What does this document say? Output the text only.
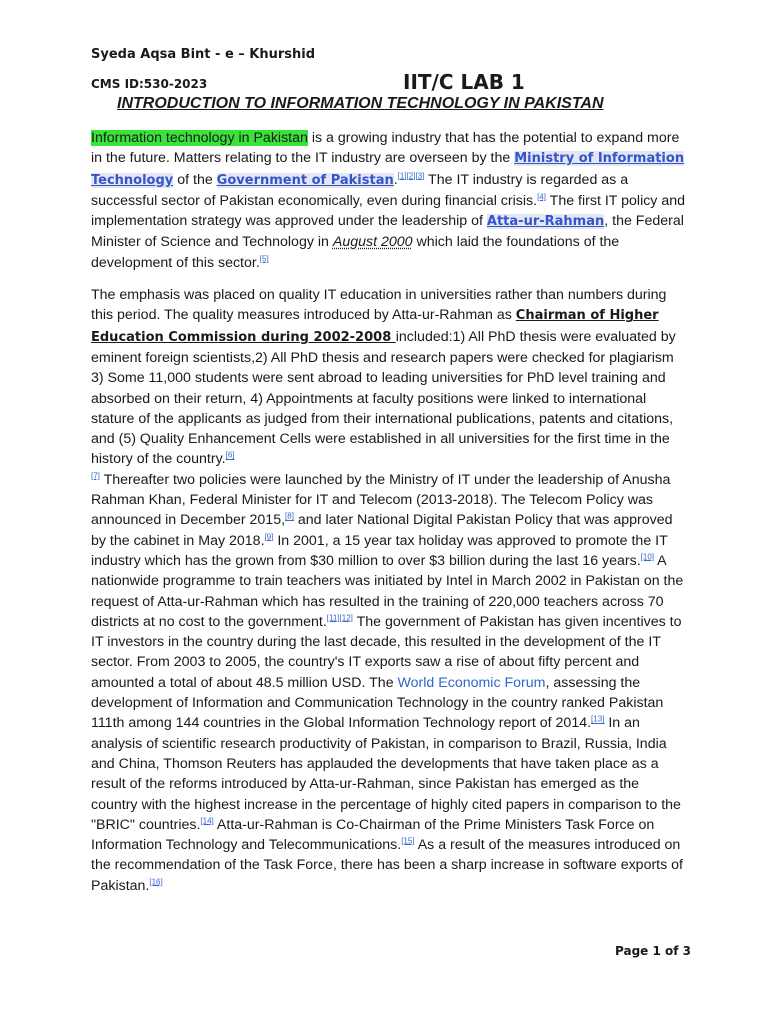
Syeda Aqsa Bint - e – Khurshid
CMS ID:530-2023	IIT/C LAB 1
INTRODUCTION TO INFORMATION TECHNOLOGY IN PAKISTAN

Information technology in Pakistan is a growing industry that has the potential to expand more in the future. Matters relating to the IT industry are overseen by the Ministry of Information Technology of the Government of Pakistan.[1][2][3] The IT industry is regarded as a successful sector of Pakistan economically, even during financial crisis.[4] The first IT policy and implementation strategy was approved under the leadership of Atta-ur-Rahman, the Federal Minister of Science and Technology in August 2000 which laid the foundations of the development of this sector.[5]

The emphasis was placed on quality IT education in universities rather than numbers during this period. The quality measures introduced by Atta-ur-Rahman as Chairman of Higher Education Commission during 2002-2008 included:1) All PhD thesis were evaluated by eminent foreign scientists,2) All PhD thesis and research papers were checked for plagiarism 3) Some 11,000 students were sent abroad to leading universities for PhD level training and absorbed on their return, 4) Appointments at faculty positions were linked to international stature of the applicants as judged from their international publications, patents and citations, and (5) Quality Enhancement Cells were established in all universities for the first time in the history of the country.[6]
[7] Thereafter two policies were launched by the Ministry of IT under the leadership of Anusha Rahman Khan, Federal Minister for IT and Telecom (2013-2018). The Telecom Policy was announced in December 2015,[8] and later National Digital Pakistan Policy that was approved by the cabinet in May 2018.[9] In 2001, a 15 year tax holiday was approved to promote the IT industry which has the grown from $30 million to over $3 billion during the last 16 years.[10] A nationwide programme to train teachers was initiated by Intel in March 2002 in Pakistan on the request of Atta-ur-Rahman which has resulted in the training of 220,000 teachers across 70 districts at no cost to the government.[11][12] The government of Pakistan has given incentives to IT investors in the country during the last decade, this resulted in the development of the IT sector. From 2003 to 2005, the country's IT exports saw a rise of about fifty percent and amounted a total of about 48.5 million USD. The World Economic Forum, assessing the development of Information and Communication Technology in the country ranked Pakistan 111th among 144 countries in the Global Information Technology report of 2014.[13] In an analysis of scientific research productivity of Pakistan, in comparison to Brazil, Russia, India and China, Thomson Reuters has applauded the developments that have taken place as a result of the reforms introduced by Atta-ur-Rahman, since Pakistan has emerged as the country with the highest increase in the percentage of highly cited papers in comparison to the "BRIC" countries.[14] Atta-ur-Rahman is Co-Chairman of the Prime Ministers Task Force on Information Technology and Telecommunications.[15] As a result of the measures introduced on the recommendation of the Task Force, there has been a sharp increase in software exports of Pakistan.[16]

Page 1 of 3
